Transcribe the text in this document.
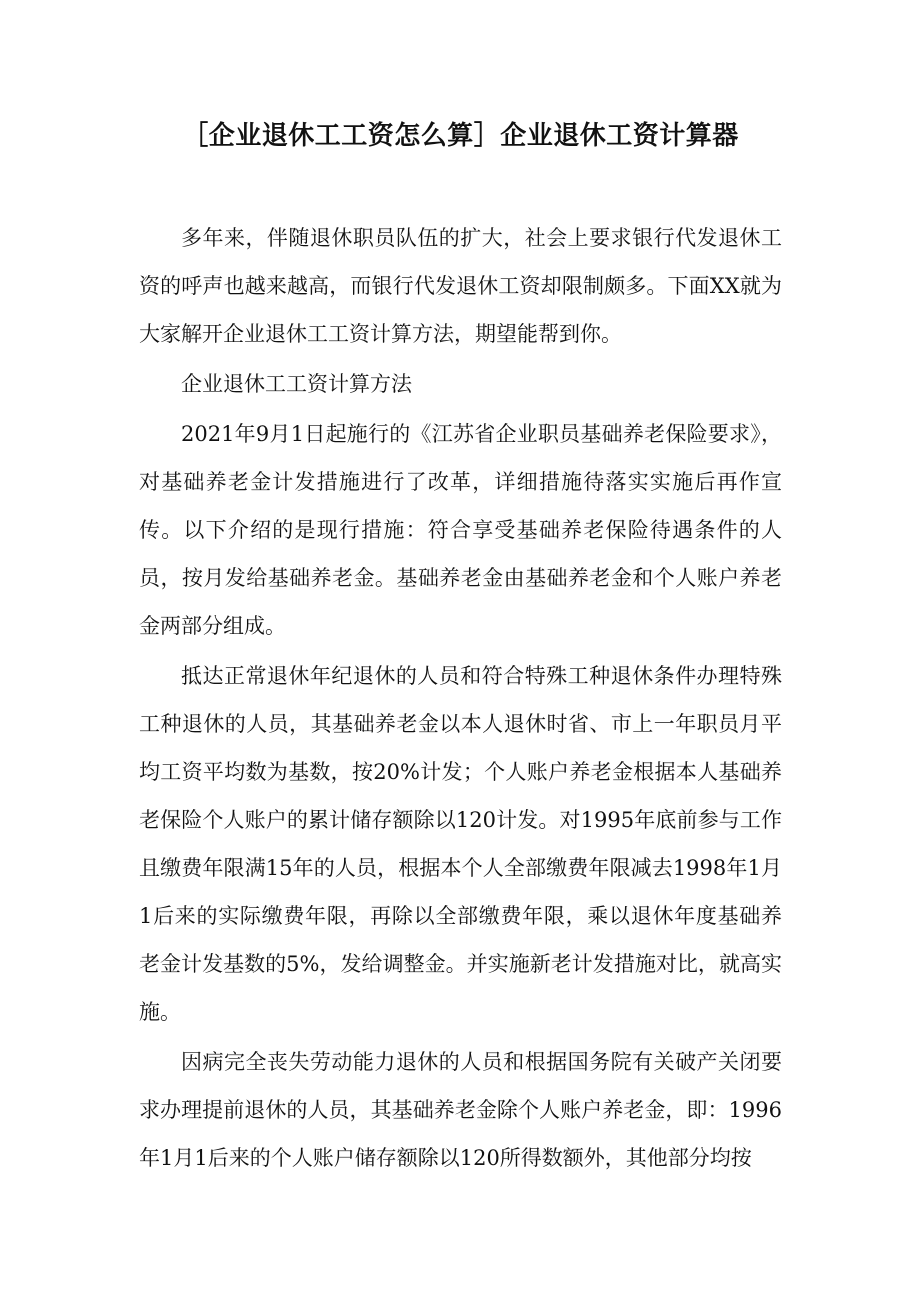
［企业退休工工资怎么算］企业退休工资计算器

多年来，伴随退休职员队伍的扩大，社会上要求银行代发退休工资的呼声也越来越高，而银行代发退休工资却限制颇多。下面XX就为大家解开企业退休工工资计算方法，期望能帮到你。

企业退休工工资计算方法

2021年9月1日起施行的《江苏省企业职员基础养老保险要求》，对基础养老金计发措施进行了改革，详细措施待落实实施后再作宣传。以下介绍的是现行措施：符合享受基础养老保险待遇条件的人员，按月发给基础养老金。基础养老金由基础养老金和个人账户养老金两部分组成。

抵达正常退休年纪退休的人员和符合特殊工种退休条件办理特殊工种退休的人员，其基础养老金以本人退休时省、市上一年职员月平均工资平均数为基数，按20%计发；个人账户养老金根据本人基础养老保险个人账户的累计储存额除以120计发。对1995年底前参与工作且缴费年限满15年的人员，根据本个人全部缴费年限减去1998年1月1后来的实际缴费年限，再除以全部缴费年限，乘以退休年度基础养老金计发基数的5%，发给调整金。并实施新老计发措施对比，就高实施。

因病完全丧失劳动能力退休的人员和根据国务院有关破产关闭要求办理提前退休的人员，其基础养老金除个人账户养老金，即：1996年1月1后来的个人账户储存额除以120所得数额外，其他部分均按
